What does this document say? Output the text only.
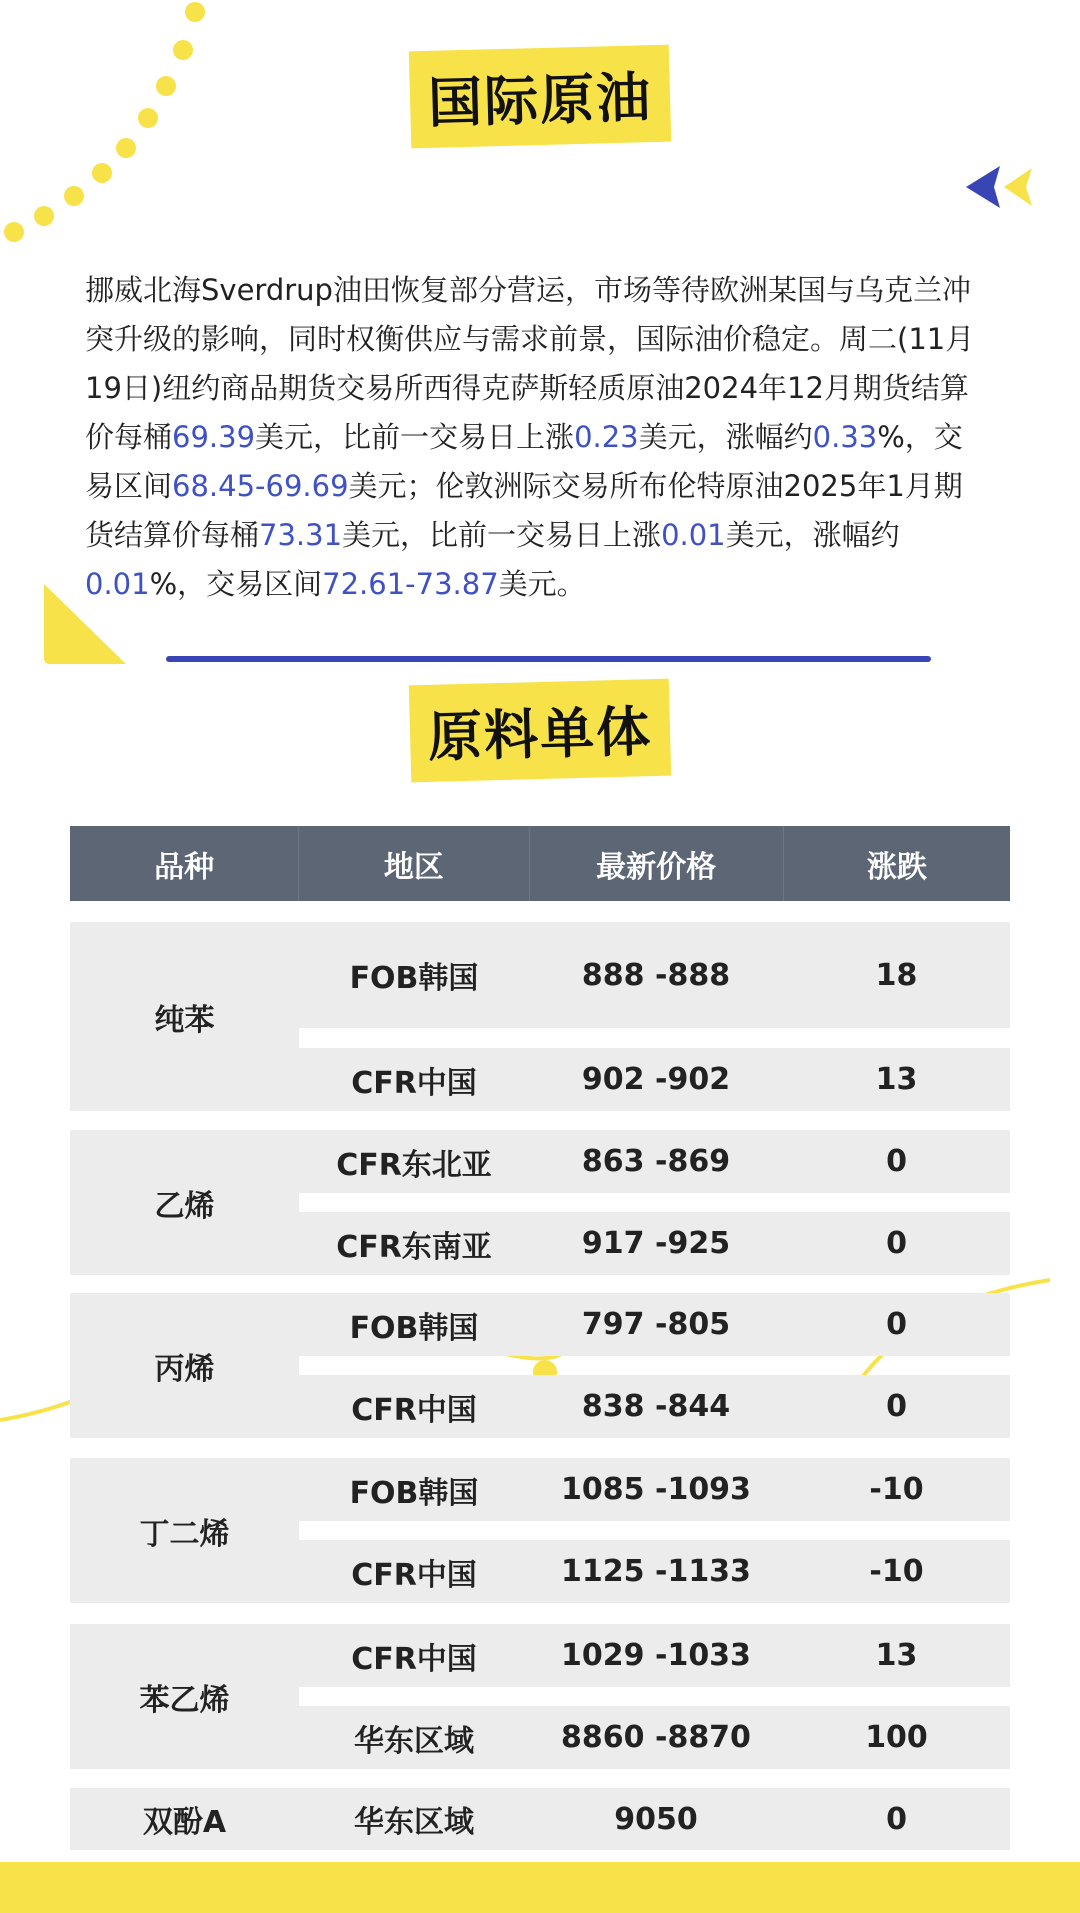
国际原油
挪威北海Sverdrup油田恢复部分营运，市场等待欧洲某国与乌克兰冲突升级的影响，同时权衡供应与需求前景，国际油价稳定。周二(11月19日)纽约商品期货交易所西得克萨斯轻质原油2024年12月期货结算价每桶69.39美元，比前一交易日上涨0.23美元，涨幅约0.33%，交易区间68.45-69.69美元；伦敦洲际交易所布伦特原油2025年1月期货结算价每桶73.31美元，比前一交易日上涨0.01美元，涨幅约0.01%，交易区间72.61-73.87美元。
原料单体
品种	地区	最新价格	涨跌
纯苯
FOB韩国	888 -888	18
CFR中国	902 -902	13
乙烯
CFR东北亚	863 -869	0
CFR东南亚	917 -925	0
丙烯
FOB韩国	797 -805	0
CFR中国	838 -844	0
丁二烯
FOB韩国	1085 -1093	-10
CFR中国	1125 -1133	-10
苯乙烯
CFR中国	1029 -1033	13
华东区域	8860 -8870	100
双酚A	华东区域	9050	0
